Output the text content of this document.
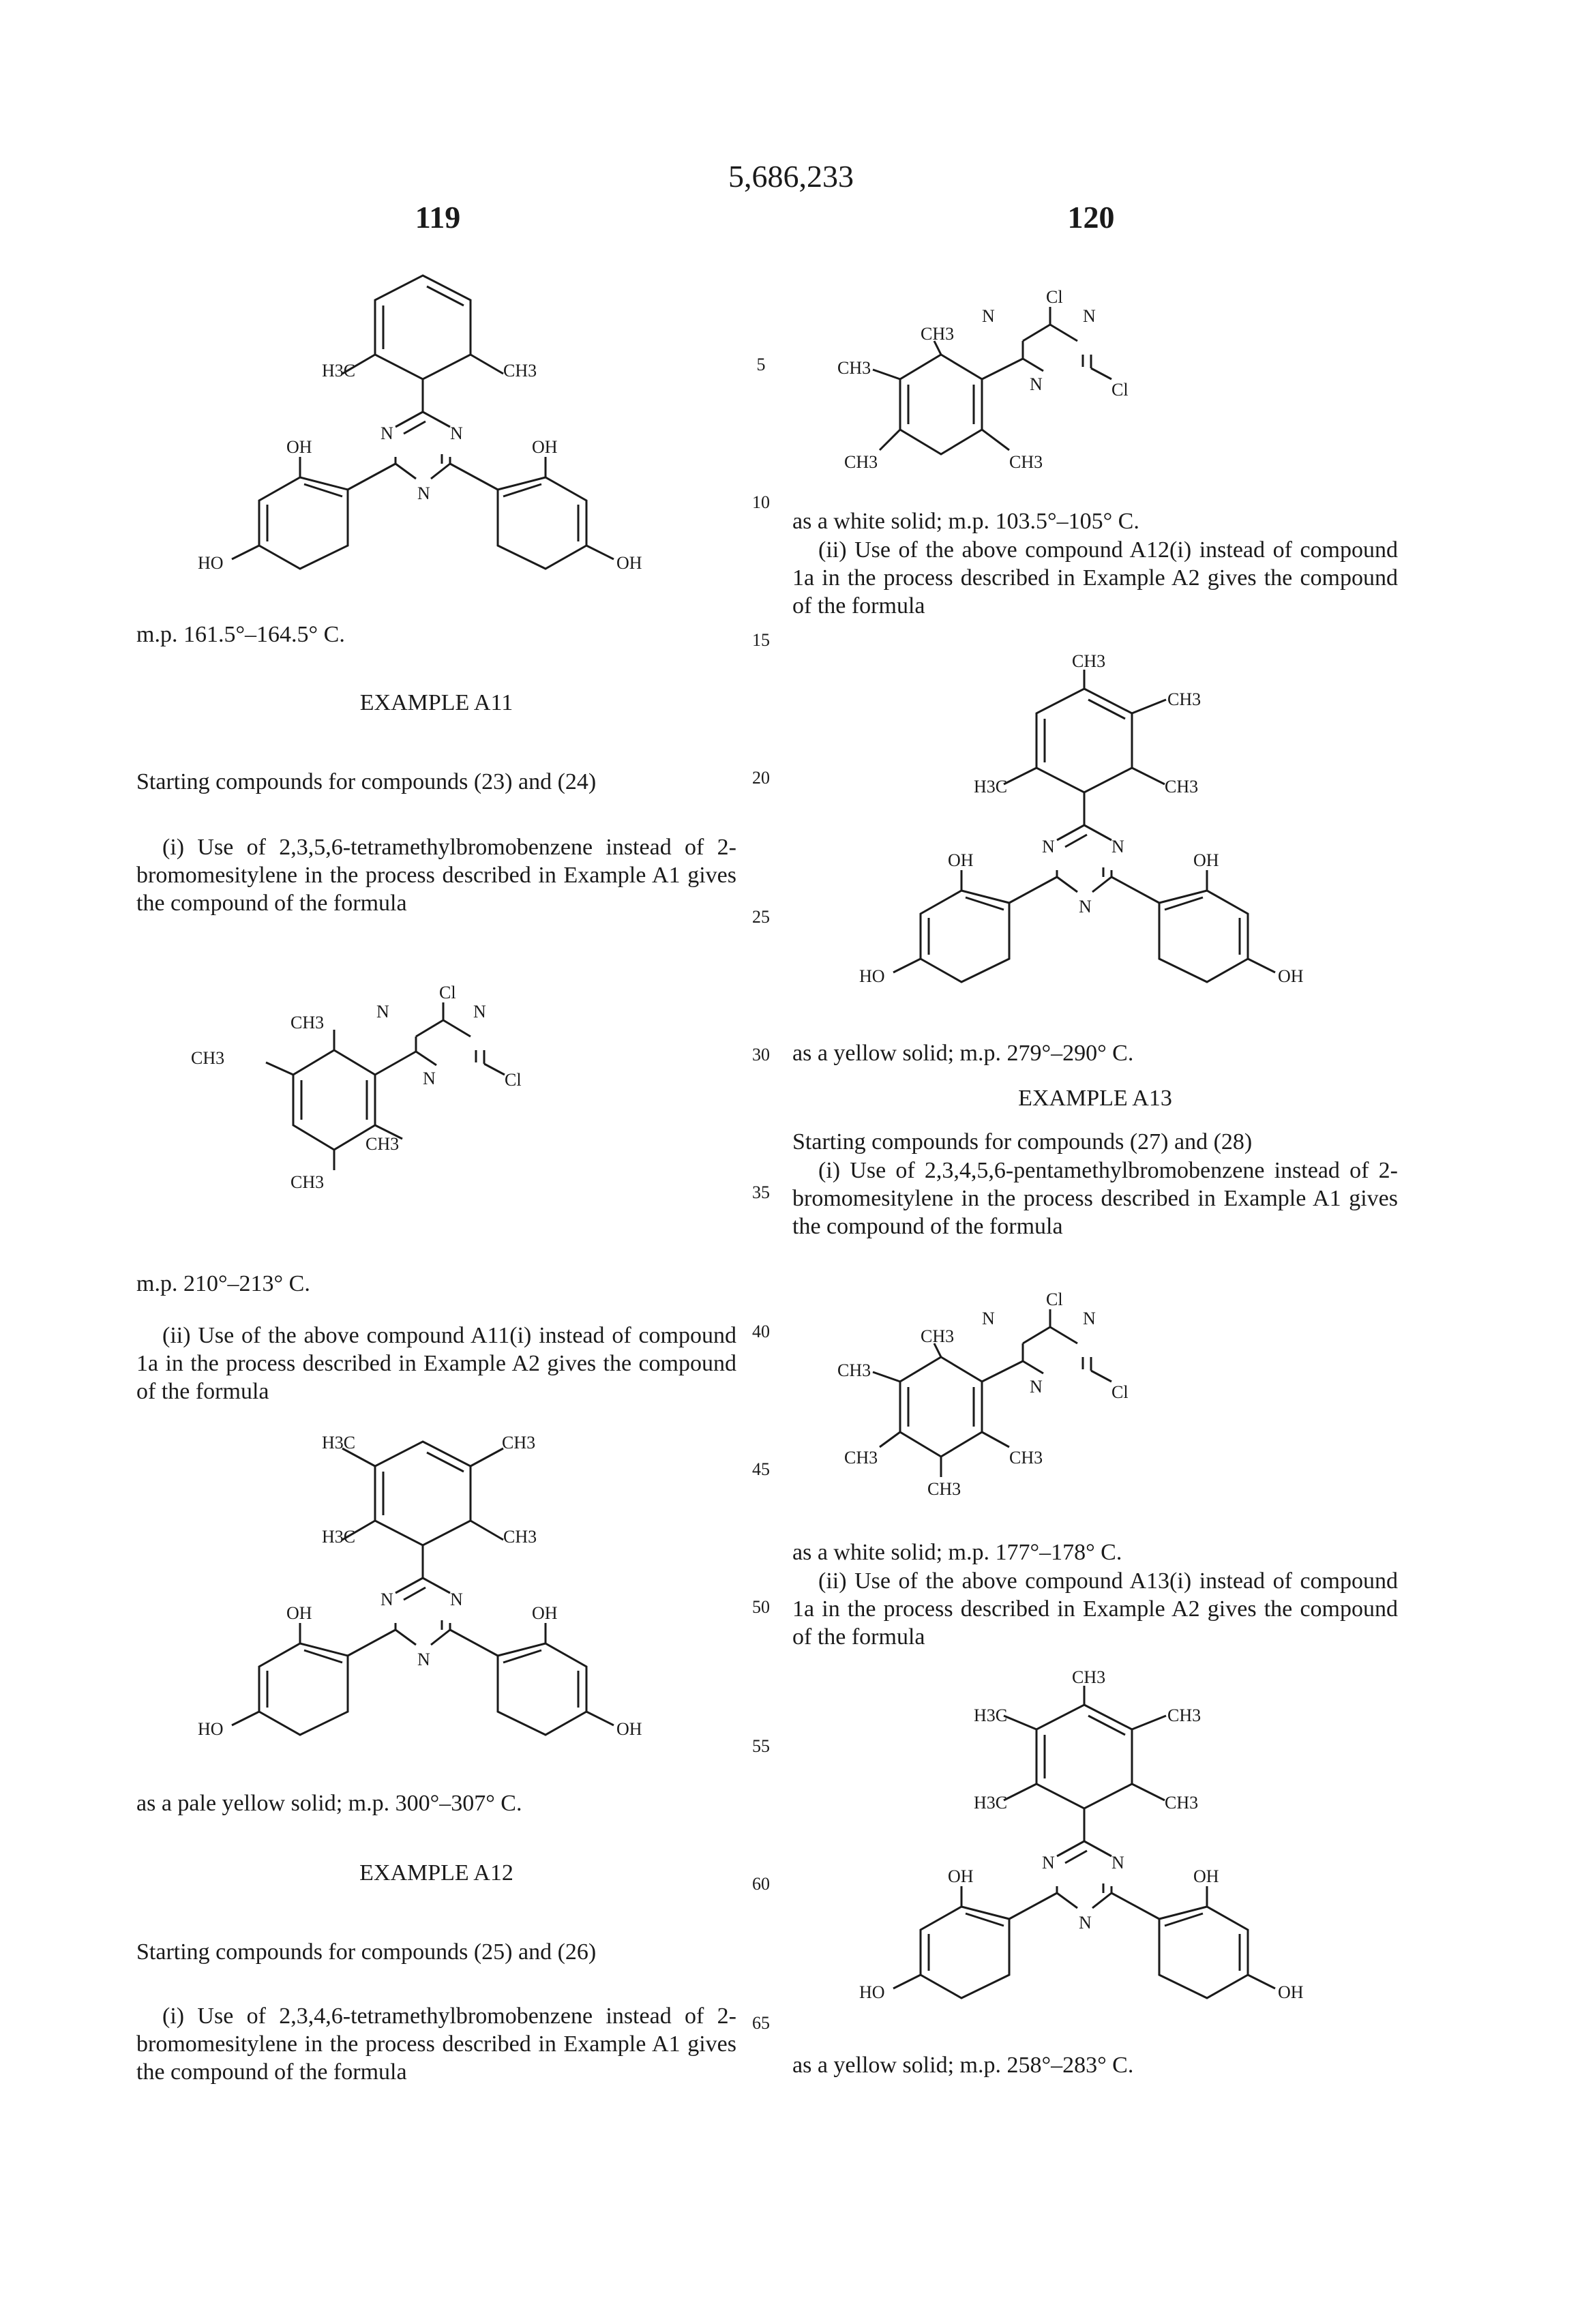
5,686,233
119	120
5
10
15
20
25
30
35
40
45
50
55
60
65
H3C	CH3
N	N
N
OH	OH
HO	OH
m.p. 161.5°–164.5° C.
EXAMPLE A11
Starting compounds for compounds (23) and (24)
(i) Use of 2,3,5,6-tetramethylbromobenzene instead of 2-bromomesitylene in the process described in Example A1 gives the compound of the formula
Cl
N	N
N	Cl
CH3
CH3
CH3
CH3
m.p. 210°–213° C.
(ii) Use of the above compound A11(i) instead of compound 1a in the process described in Example A2 gives the compound of the formula
H3C	CH3
H3C	CH3
N	N
N
OH	OH
HO	OH
as a pale yellow solid; m.p. 300°–307° C.
EXAMPLE A12
Starting compounds for compounds (25) and (26)
(i) Use of 2,3,4,6-tetramethylbromobenzene instead of 2-bromomesitylene in the process described in Example A1 gives the compound of the formula
Cl
N	N
N	Cl
CH3
CH3
CH3	CH3
as a white solid; m.p. 103.5°–105° C.
(ii) Use of the above compound A12(i) instead of compound 1a in the process described in Example A2 gives the compound of the formula
CH3
CH3
H3C	CH3
N	N
N
OH	OH
HO	OH
as a yellow solid; m.p. 279°–290° C.
EXAMPLE A13
Starting compounds for compounds (27) and (28)
(i) Use of 2,3,4,5,6-pentamethylbromobenzene instead of 2-bromomesitylene in the process described in Example A1 gives the compound of the formula
Cl
N	N
N	Cl
CH3
CH3
CH3	CH3
CH3
as a white solid; m.p. 177°–178° C.
(ii) Use of the above compound A13(i) instead of compound 1a in the process described in Example A2 gives the compound of the formula
CH3
H3C	CH3
H3C	CH3
N	N
N
OH	OH
HO	OH
as a yellow solid; m.p. 258°–283° C.
